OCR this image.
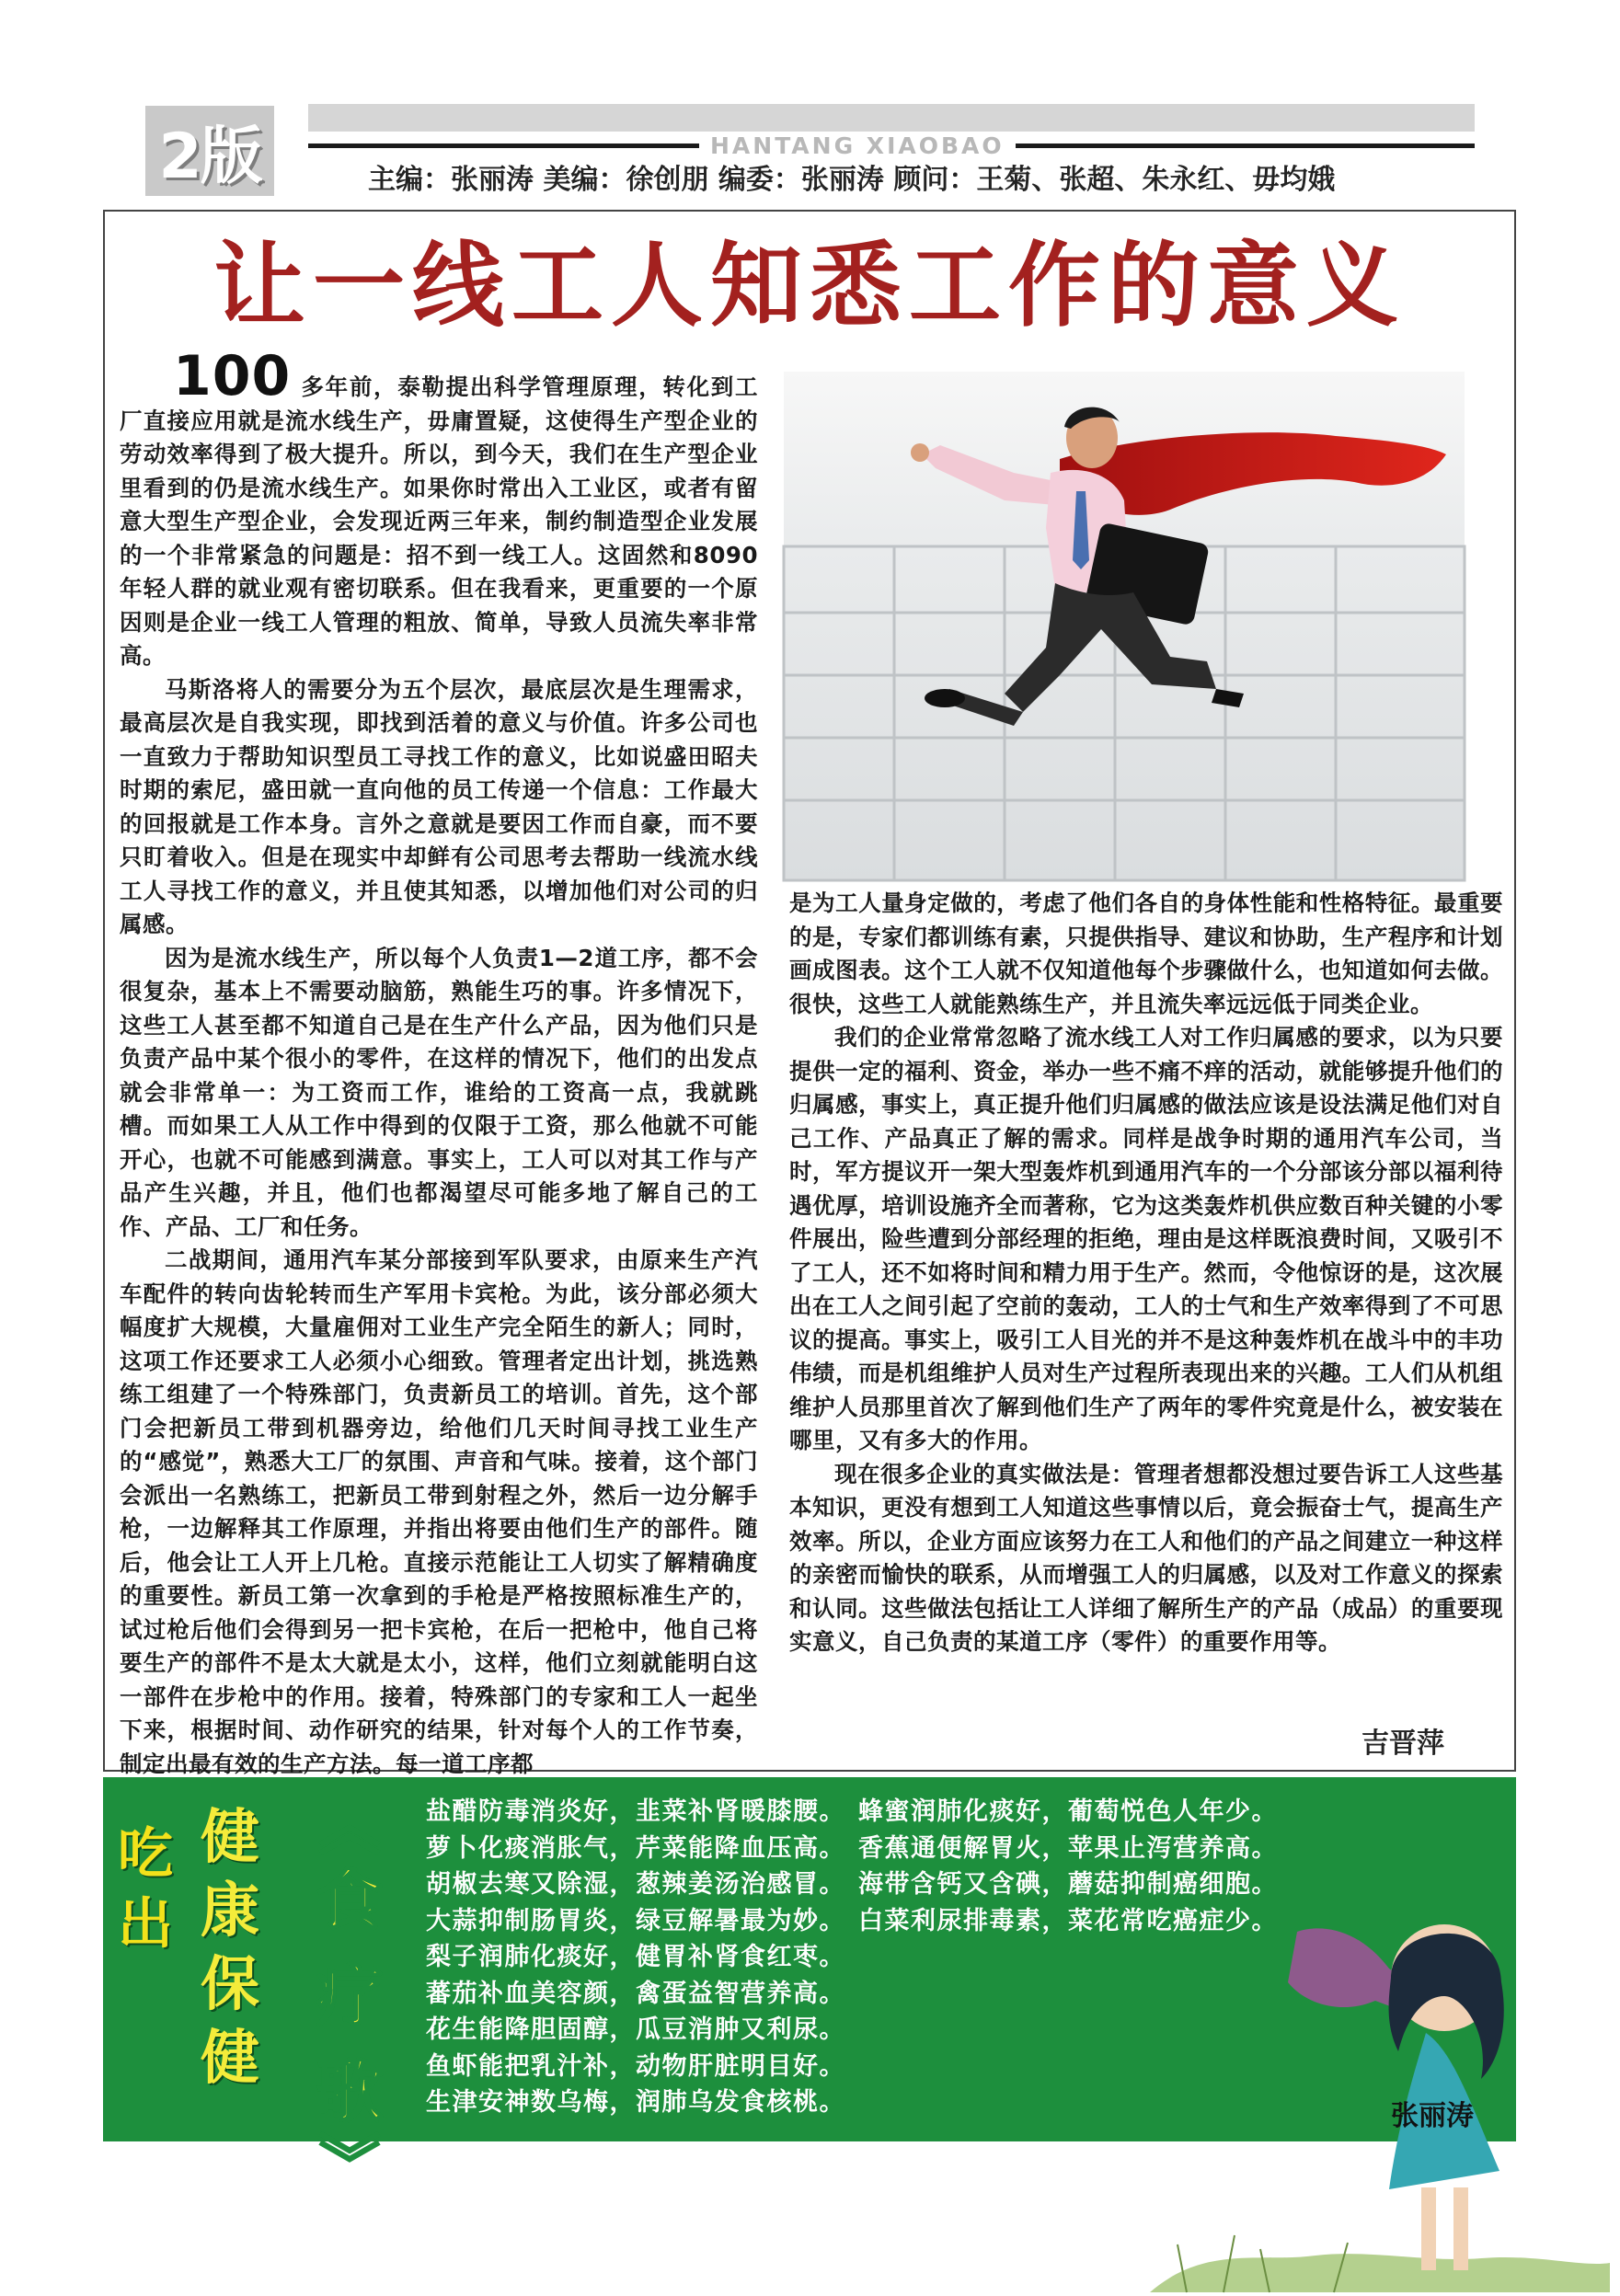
2版	HANTANG XIAOBAO
主编：张丽涛 美编：徐创朋 编委：张丽涛 顾问：王菊、张超、朱永红、毋均娥
让一线工人知悉工作的意义

100 多年前，泰勒提出科学管理原理，转化到工厂直接应用就是流水线生产，毋庸置疑，这使得生产型企业的劳动效率得到了极大提升。所以，到今天，我们在生产型企业里看到的仍是流水线生产。如果你时常出入工业区，或者有留意大型生产型企业，会发现近两三年来，制约制造型企业发展的一个非常紧急的问题是：招不到一线工人。这固然和8090年轻人群的就业观有密切联系。但在我看来，更重要的一个原因则是企业一线工人管理的粗放、简单，导致人员流失率非常高。

马斯洛将人的需要分为五个层次，最底层次是生理需求，最高层次是自我实现，即找到活着的意义与价值。许多公司也一直致力于帮助知识型员工寻找工作的意义，比如说盛田昭夫时期的索尼，盛田就一直向他的员工传递一个信息：工作最大的回报就是工作本身。言外之意就是要因工作而自豪，而不要只盯着收入。但是在现实中却鲜有公司思考去帮助一线流水线工人寻找工作的意义，并且使其知悉，以增加他们对公司的归属感。

因为是流水线生产，所以每个人负责1—2道工序，都不会很复杂，基本上不需要动脑筋，熟能生巧的事。许多情况下，这些工人甚至都不知道自己是在生产什么产品，因为他们只是负责产品中某个很小的零件，在这样的情况下，他们的出发点就会非常单一：为工资而工作，谁给的工资高一点，我就跳槽。而如果工人从工作中得到的仅限于工资，那么他就不可能开心，也就不可能感到满意。事实上，工人可以对其工作与产品产生兴趣，并且，他们也都渴望尽可能多地了解自己的工作、产品、工厂和任务。

二战期间，通用汽车某分部接到军队要求，由原来生产汽车配件的转向齿轮转而生产军用卡宾枪。为此，该分部必须大幅度扩大规模，大量雇佣对工业生产完全陌生的新人；同时，这项工作还要求工人必须小心细致。管理者定出计划，挑选熟练工组建了一个特殊部门，负责新员工的培训。首先，这个部门会把新员工带到机器旁边，给他们几天时间寻找工业生产的“感觉”，熟悉大工厂的氛围、声音和气味。接着，这个部门会派出一名熟练工，把新员工带到射程之外，然后一边分解手枪，一边解释其工作原理，并指出将要由他们生产的部件。随后，他会让工人开上几枪。直接示范能让工人切实了解精确度的重要性。新员工第一次拿到的手枪是严格按照标准生产的，试过枪后他们会得到另一把卡宾枪，在后一把枪中，他自己将要生产的部件不是太大就是太小，这样，他们立刻就能明白这一部件在步枪中的作用。接着，特殊部门的专家和工人一起坐下来，根据时间、动作研究的结果，针对每个人的工作节奏，制定出最有效的生产方法。每一道工序都

是为工人量身定做的，考虑了他们各自的身体性能和性格特征。最重要的是，专家们都训练有素，只提供指导、建议和协助，生产程序和计划画成图表。这个工人就不仅知道他每个步骤做什么，也知道如何去做。很快，这些工人就能熟练生产，并且流失率远远低于同类企业。

我们的企业常常忽略了流水线工人对工作归属感的要求，以为只要提供一定的福利、资金，举办一些不痛不痒的活动，就能够提升他们的归属感，事实上，真正提升他们归属感的做法应该是设法满足他们对自己工作、产品真正了解的需求。同样是战争时期的通用汽车公司，当时，军方提议开一架大型轰炸机到通用汽车的一个分部该分部以福利待遇优厚，培训设施齐全而著称，它为这类轰炸机供应数百种关键的小零件展出，险些遭到分部经理的拒绝，理由是这样既浪费时间，又吸引不了工人，还不如将时间和精力用于生产。然而，令他惊讶的是，这次展出在工人之间引起了空前的轰动，工人的士气和生产效率得到了不可思议的提高。事实上，吸引工人目光的并不是这种轰炸机在战斗中的丰功伟绩，而是机组维护人员对生产过程所表现出来的兴趣。工人们从机组维护人员那里首次了解到他们生产了两年的零件究竟是什么，被安装在哪里，又有多大的作用。

现在很多企业的真实做法是：管理者想都没想过要告诉工人这些基本知识，更没有想到工人知道这些事情以后，竟会振奋士气，提高生产效率。所以，企业方面应该努力在工人和他们的产品之间建立一种这样的亲密而愉快的联系，从而增强工人的归属感，以及对工作意义的探索和认同。这些做法包括让工人详细了解所生产的产品（成品）的重要现实意义，自己负责的某道工序（零件）的重要作用等。

吉晋萍
吃出
健康保健
︽
食疗歌
︾
盐醋防毒消炎好，韭菜补肾暖膝腰。 蜂蜜润肺化痰好，葡萄悦色人年少。
萝卜化痰消胀气，芹菜能降血压高。 香蕉通便解胃火，苹果止泻营养高。
胡椒去寒又除湿，葱辣姜汤治感冒。 海带含钙又含碘，蘑菇抑制癌细胞。
大蒜抑制肠胃炎，绿豆解暑最为妙。 白菜利尿排毒素，菜花常吃癌症少。
梨子润肺化痰好，健胃补肾食红枣。
蕃茄补血美容颜，禽蛋益智营养高。
花生能降胆固醇，瓜豆消肿又利尿。
鱼虾能把乳汁补，动物肝脏明目好。
生津安神数乌梅，润肺乌发食核桃。	张丽涛
